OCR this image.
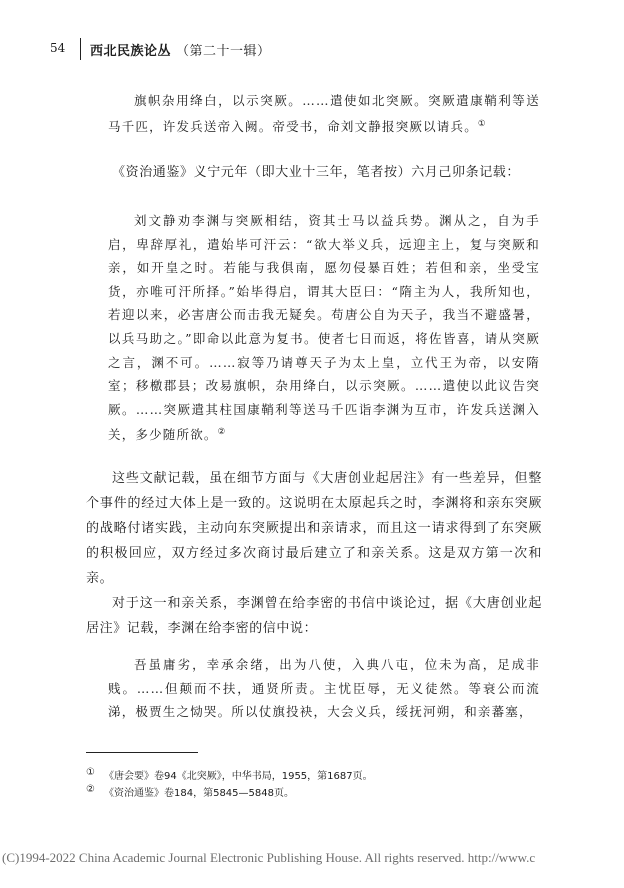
54 西北民族论丛 （第二十一辑）
旗帜杂用绛白，以示突厥。……遣使如北突厥。突厥遣康鞘利等送马千匹，许发兵送帝入阙。帝受书，命刘文静报突厥以请兵。①
《资治通鉴》义宁元年（即大业十三年，笔者按）六月己卯条记载：
刘文静劝李渊与突厥相结，资其士马以益兵势。渊从之，自为手启，卑辞厚礼，遣始毕可汗云：“欲大举义兵，远迎主上，复与突厥和亲，如开皇之时。若能与我俱南，愿勿侵暴百姓；若但和亲，坐受宝货，亦唯可汗所择。”始毕得启，谓其大臣曰：“隋主为人，我所知也，若迎以来，必害唐公而击我无疑矣。苟唐公自为天子，我当不避盛暑，以兵马助之。”即命以此意为复书。使者七日而返，将佐皆喜，请从突厥之言，渊不可。……寂等乃请尊天子为太上皇，立代王为帝，以安隋室；移檄郡县；改易旗帜，杂用绛白，以示突厥。……遣使以此议告突厥。……突厥遣其柱国康鞘利等送马千匹诣李渊为互市，许发兵送渊入关，多少随所欲。②
这些文献记载，虽在细节方面与《大唐创业起居注》有一些差异，但整个事件的经过大体上是一致的。这说明在太原起兵之时，李渊将和亲东突厥的战略付诸实践，主动向东突厥提出和亲请求，而且这一请求得到了东突厥的积极回应，双方经过多次商讨最后建立了和亲关系。这是双方第一次和亲。
对于这一和亲关系，李渊曾在给李密的书信中谈论过，据《大唐创业起居注》记载，李渊在给李密的信中说：
吾虽庸劣，幸承余绪，出为八使，入典八屯，位未为高，足成非贱。……但颠而不扶，通贤所责。主忧臣辱，无义徒然。等衰公而流涕，极贾生之恸哭。所以仗旗投袂，大会义兵，绥抚河朔，和亲蕃塞，
① 《唐会要》卷94《北突厥》，中华书局，1955，第1687页。
② 《资治通鉴》卷184，第5845—5848页。
(C)1994-2022 China Academic Journal Electronic Publishing House. All rights reserved. http://www.c
